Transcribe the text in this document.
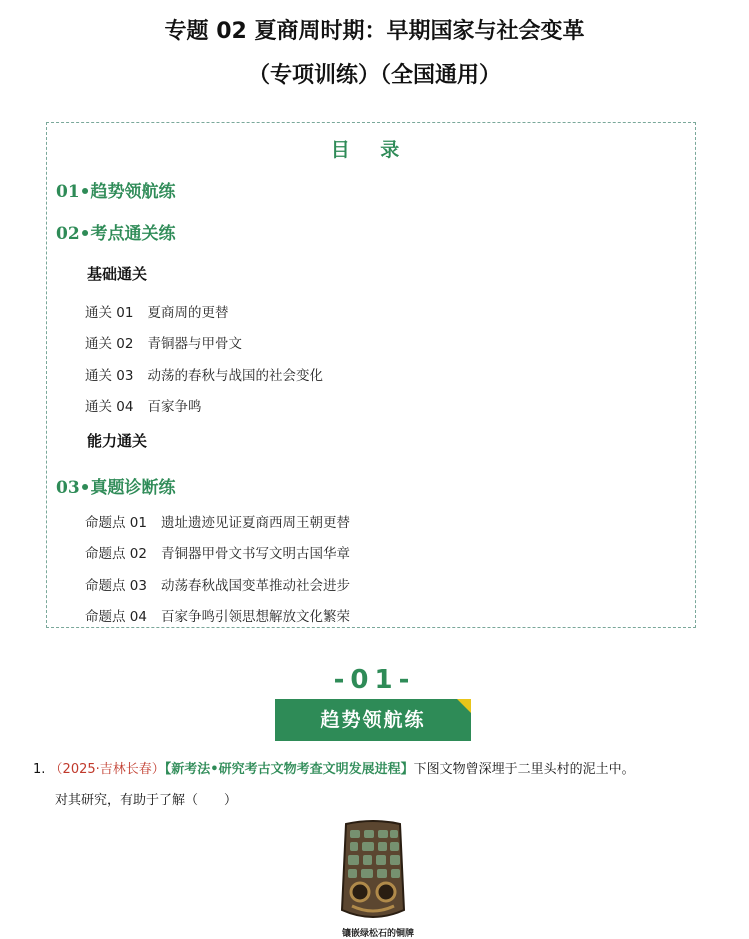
专题 02 夏商周时期：早期国家与社会变革
（专项训练）（全国通用）
目 录
01•趋势领航练
02•考点通关练
基础通关
通关 01 夏商周的更替
通关 02 青铜器与甲骨文
通关 03 动荡的春秋与战国的社会变化
通关 04 百家争鸣
能力通关
03•真题诊断练
命题点 01 遗址遗迹见证夏商西周王朝更替
命题点 02 青铜器甲骨文书写文明古国华章
命题点 03 动荡春秋战国变革推动社会进步
命题点 04 百家争鸣引领思想解放文化繁荣
-01-
趋势领航练
1. （2025·吉林长春）【新考法•研究考古文物考查文明发展进程】下图文物曾深埋于二里头村的泥土中。
对其研究，有助于了解（　　）
镶嵌绿松石的铜牌
